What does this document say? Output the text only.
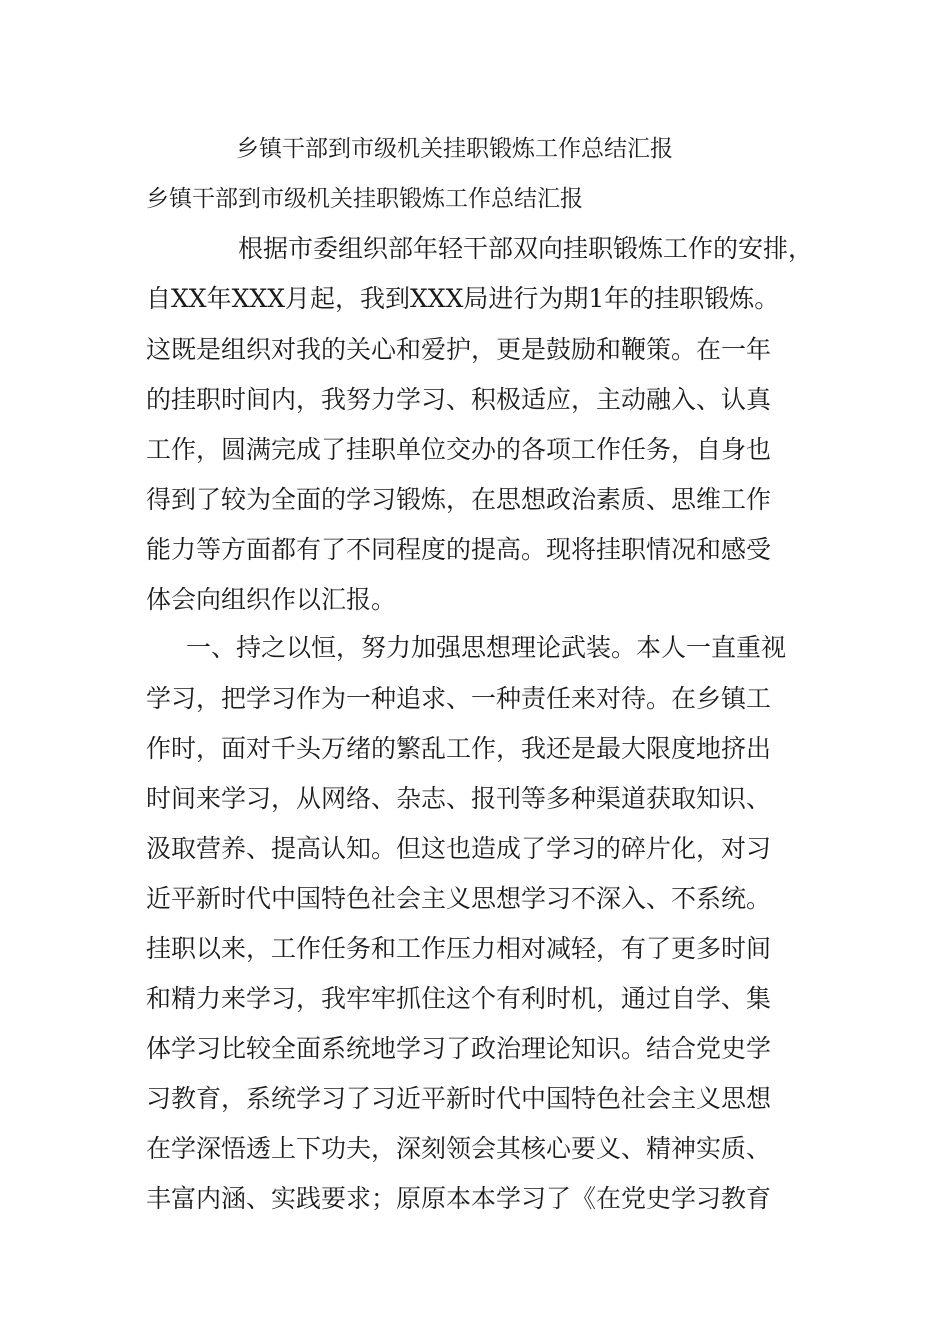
乡镇干部到市级机关挂职锻炼工作总结汇报
乡镇干部到市级机关挂职锻炼工作总结汇报

根据市委组织部年轻干部双向挂职锻炼工作的安排，

自XX年XXX月起，我到XXX局进行为期1年的挂职锻炼。

这既是组织对我的关心和爱护，更是鼓励和鞭策。在一年

的挂职时间内，我努力学习、积极适应，主动融入、认真

工作，圆满完成了挂职单位交办的各项工作任务，自身也

得到了较为全面的学习锻炼，在思想政治素质、思维工作

能力等方面都有了不同程度的提高。现将挂职情况和感受

体会向组织作以汇报。

一、持之以恒，努力加强思想理论武装。本人一直重视

学习，把学习作为一种追求、一种责任来对待。在乡镇工

作时，面对千头万绪的繁乱工作，我还是最大限度地挤出

时间来学习，从网络、杂志、报刊等多种渠道获取知识、

汲取营养、提高认知。但这也造成了学习的碎片化，对习

近平新时代中国特色社会主义思想学习不深入、不系统。

挂职以来，工作任务和工作压力相对减轻，有了更多时间

和精力来学习，我牢牢抓住这个有利时机，通过自学、集

体学习比较全面系统地学习了政治理论知识。结合党史学

习教育，系统学习了习近平新时代中国特色社会主义思想

在学深悟透上下功夫，深刻领会其核心要义、精神实质、

丰富内涵、实践要求；原原本本学习了《在党史学习教育
